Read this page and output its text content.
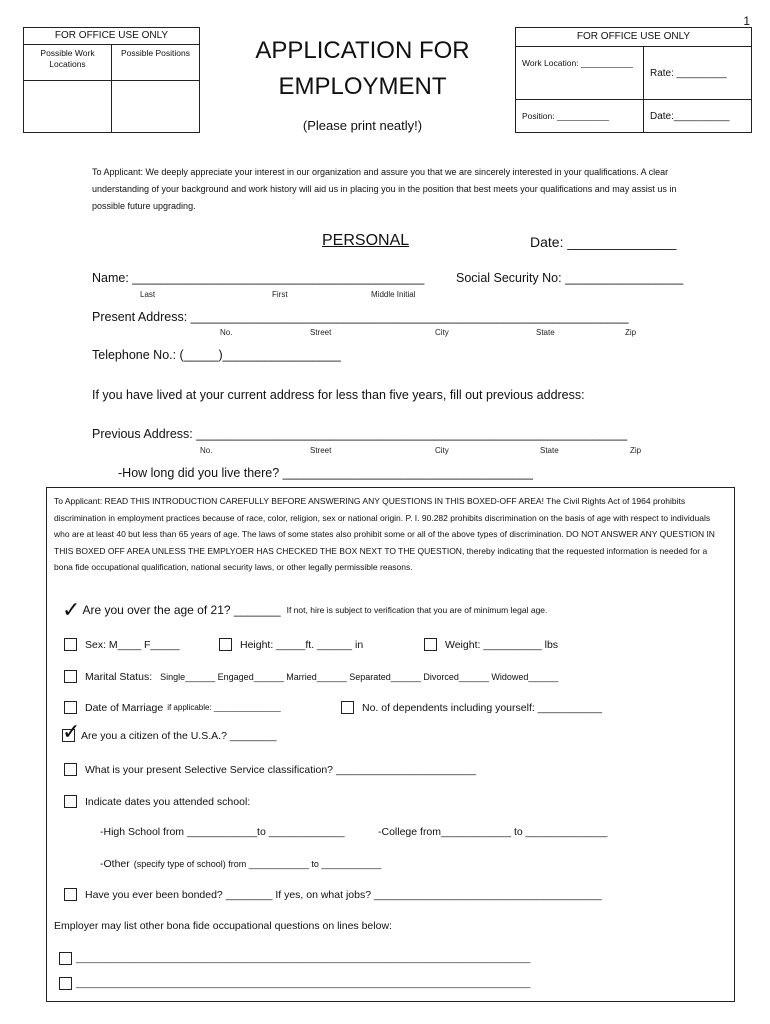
1
FOR OFFICE USE ONLY
Possible Work Locations
Possible Positions
FOR OFFICE USE ONLY
Work Location: ___________
Rate: _________
Position: ___________	Date:__________
APPLICATION FOR
EMPLOYMENT
(Please print neatly!)
To Applicant: We deeply appreciate your interest in our organization and assure you that we are sincerely interested in your qualifications. A clear understanding of your background and work history will aid us in placing you in the position that best meets your qualifications and may assist us in possible future upgrading.
PERSONAL	Date: ______________
Name: __________________________________________	Social Security No: _________________
Last	First	Middle Initial
Present Address: _______________________________________________________________
No.	Street	City	State	Zip
Telephone No.: (_____)_________________
If you have lived at your current address for less than five years, fill out previous address:
Previous Address: ______________________________________________________________
No.	Street	City	State	Zip
-How long did you live there? ____________________________________
To Applicant: READ THIS INTRODUCTION CAREFULLY BEFORE ANSWERING ANY QUESTIONS IN THIS BOXED-OFF AREA! The Civil Rights Act of 1964 prohibits discrimination in employment practices because of race, color, religion, sex or national origin. P. I. 90.282 prohibits discrimination on the basis of age with respect to individuals who are at least 40 but less than 65 years of age. The laws of some states also prohibit some or all of the above types of discrimination. DO NOT ANSWER ANY QUESTION IN THIS BOXED OFF AREA UNLESS THE EMPLYOER HAS CHECKED THE BOX NEXT TO THE QUESTION, thereby indicating that the requested information is needed for a bona fide occupational qualification, national security laws, or other legally permissible reasons.
✓ Are you over the age of 21? _______ If not, hire is subject to verification that you are of minimum legal age.
Sex: M____ F_____	Height: _____ft. ______ in	Weight: __________ lbs
Marital Status: Single______ Engaged______ Married______ Separated______ Divorced______ Widowed______
Date of Marriage if applicable: _______________	No. of dependents including yourself: ___________
✓ Are you a citizen of the U.S.A.? ________
What is your present Selective Service classification? ________________________
Indicate dates you attended school:
-High School from ____________to _____________	-College from____________ to ______________
-Other (specify type of school) from ____________ to ____________
Have you ever been bonded? ________ If yes, on what jobs? _______________________________________
Employer may list other bona fide occupational questions on lines below:
______________________________________________________________________________________
______________________________________________________________________________________
